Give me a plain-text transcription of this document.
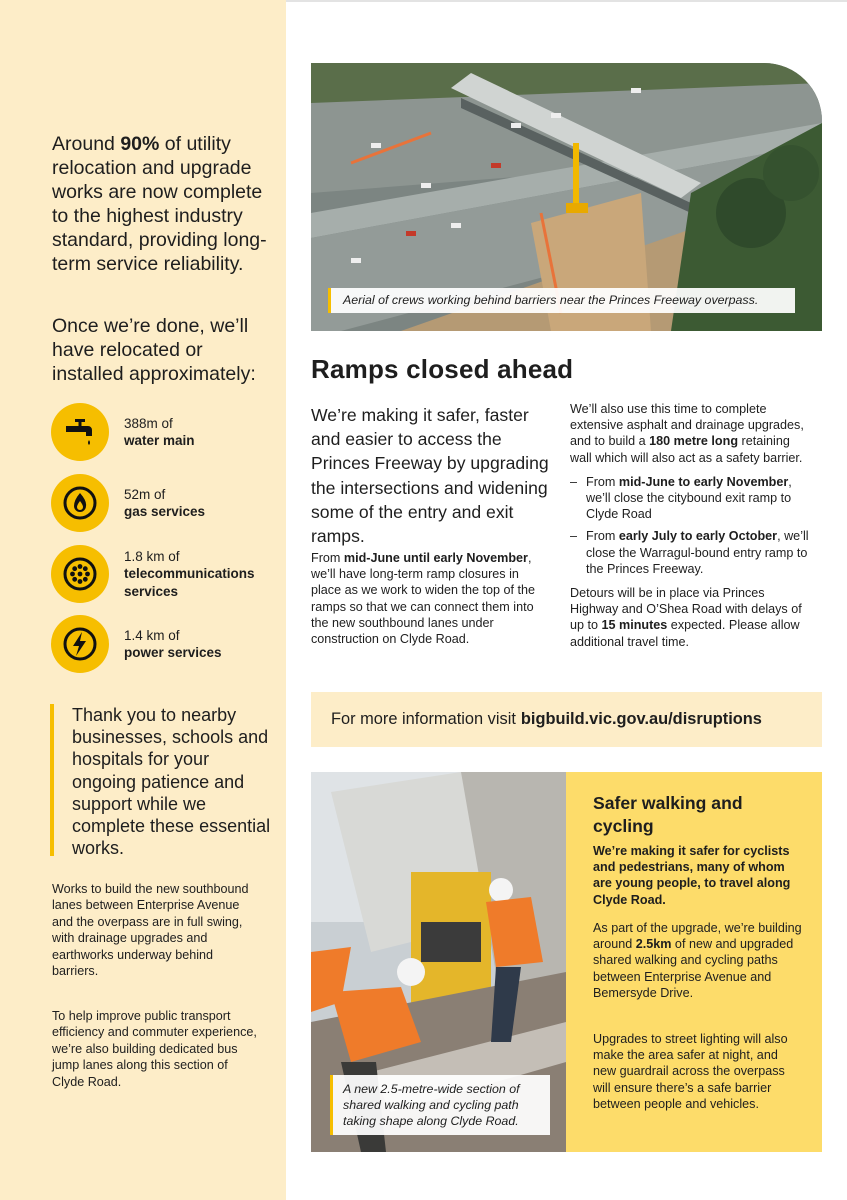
Around 90% of utility relocation and upgrade works are now complete to the highest industry standard, providing long-term service reliability.

Once we’re done, we’ll have relocated or installed approximately:

388m of
water main
52m of
gas services
1.8 km of
telecommunications services
1.4 km of
power services

Thank you to nearby businesses, schools and hospitals for your ongoing patience and support while we complete these essential works.

Works to build the new southbound lanes between Enterprise Avenue and the overpass are in full swing, with drainage upgrades and earthworks underway behind barriers.

To help improve public transport efficiency and commuter experience, we’re also building dedicated bus jump lanes along this section of Clyde Road.

Aerial of crews working behind barriers near the Princes Freeway overpass.

Ramps closed ahead

We’re making it safer, faster and easier to access the Princes Freeway by upgrading the intersections and widening some of the entry and exit ramps.

From mid-June until early November, we’ll have long-term ramp closures in place as we work to widen the top of the ramps so that we can connect them into the new southbound lanes under construction on Clyde Road.

We’ll also use this time to complete extensive asphalt and drainage upgrades, and to build a 180 metre long retaining wall which will also act as a safety barrier.

– From mid-June to early November, we’ll close the citybound exit ramp to Clyde Road
– From early July to early October, we’ll close the Warragul-bound entry ramp to the Princes Freeway.

Detours will be in place via Princes Highway and O’Shea Road with delays of up to 15 minutes expected. Please allow additional travel time.

For more information visit bigbuild.vic.gov.au/disruptions

A new 2.5-metre-wide section of shared walking and cycling path taking shape along Clyde Road.

Safer walking and cycling

We’re making it safer for cyclists and pedestrians, many of whom are young people, to travel along Clyde Road.

As part of the upgrade, we’re building around 2.5km of new and upgraded shared walking and cycling paths between Enterprise Avenue and Bemersyde Drive.

Upgrades to street lighting will also make the area safer at night, and new guardrail across the overpass will ensure there’s a safe barrier between people and vehicles.
